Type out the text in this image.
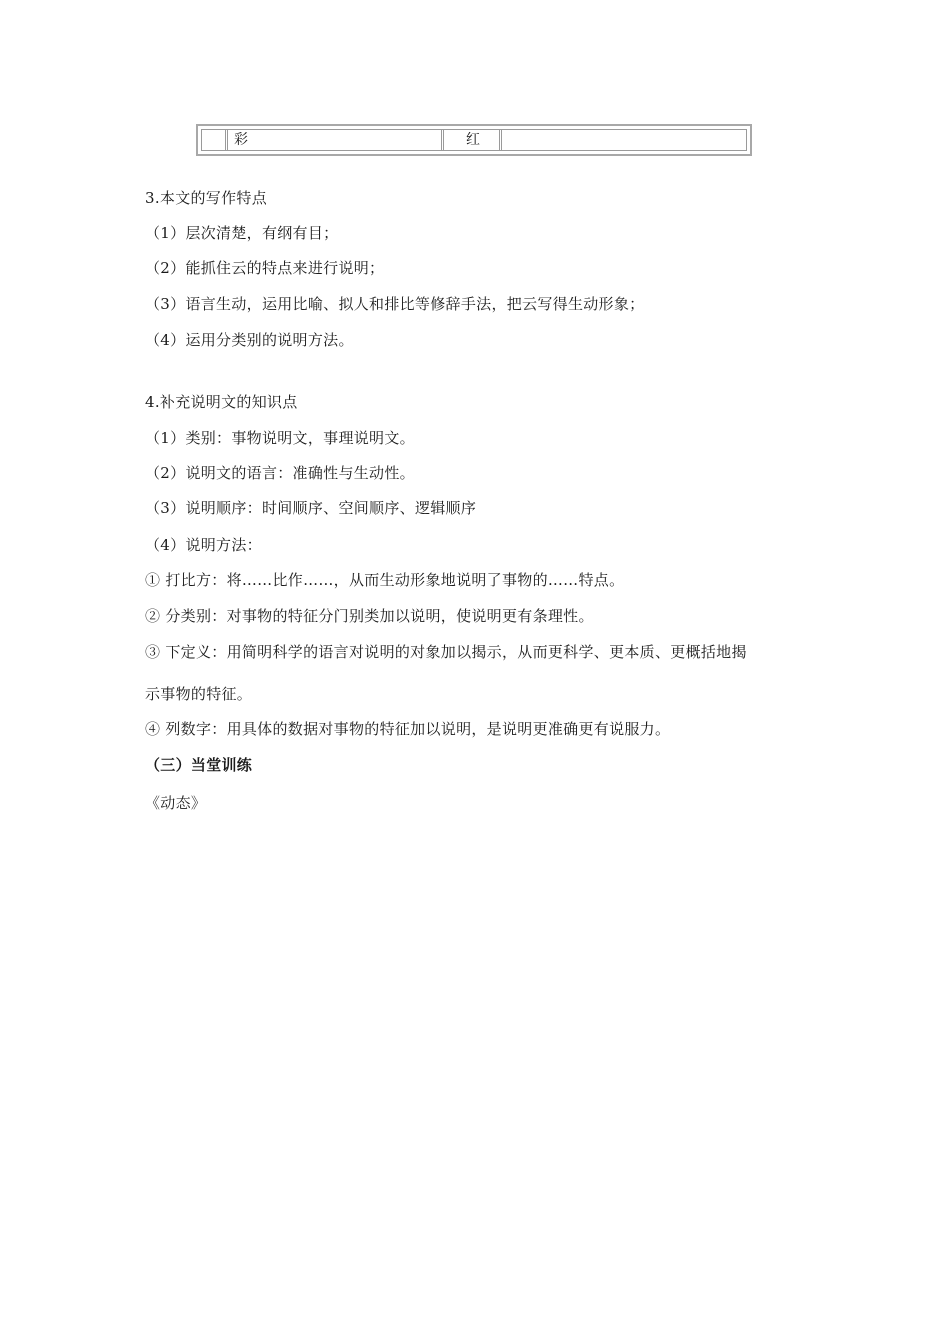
彩	红
3.本文的写作特点
（1）层次清楚，有纲有目；
（2）能抓住云的特点来进行说明；
（3）语言生动，运用比喻、拟人和排比等修辞手法，把云写得生动形象；
（4）运用分类别的说明方法。
4.补充说明文的知识点
（1）类别：事物说明文，事理说明文。
（2）说明文的语言：准确性与生动性。
（3）说明顺序：时间顺序、空间顺序、逻辑顺序
（4）说明方法：
① 打比方：将……比作……，从而生动形象地说明了事物的……特点。
② 分类别：对事物的特征分门别类加以说明，使说明更有条理性。
③ 下定义：用简明科学的语言对说明的对象加以揭示，从而更科学、更本质、更概括地揭
示事物的特征。
④ 列数字：用具体的数据对事物的特征加以说明，是说明更准确更有说服力。
（三）当堂训练
《动态》
